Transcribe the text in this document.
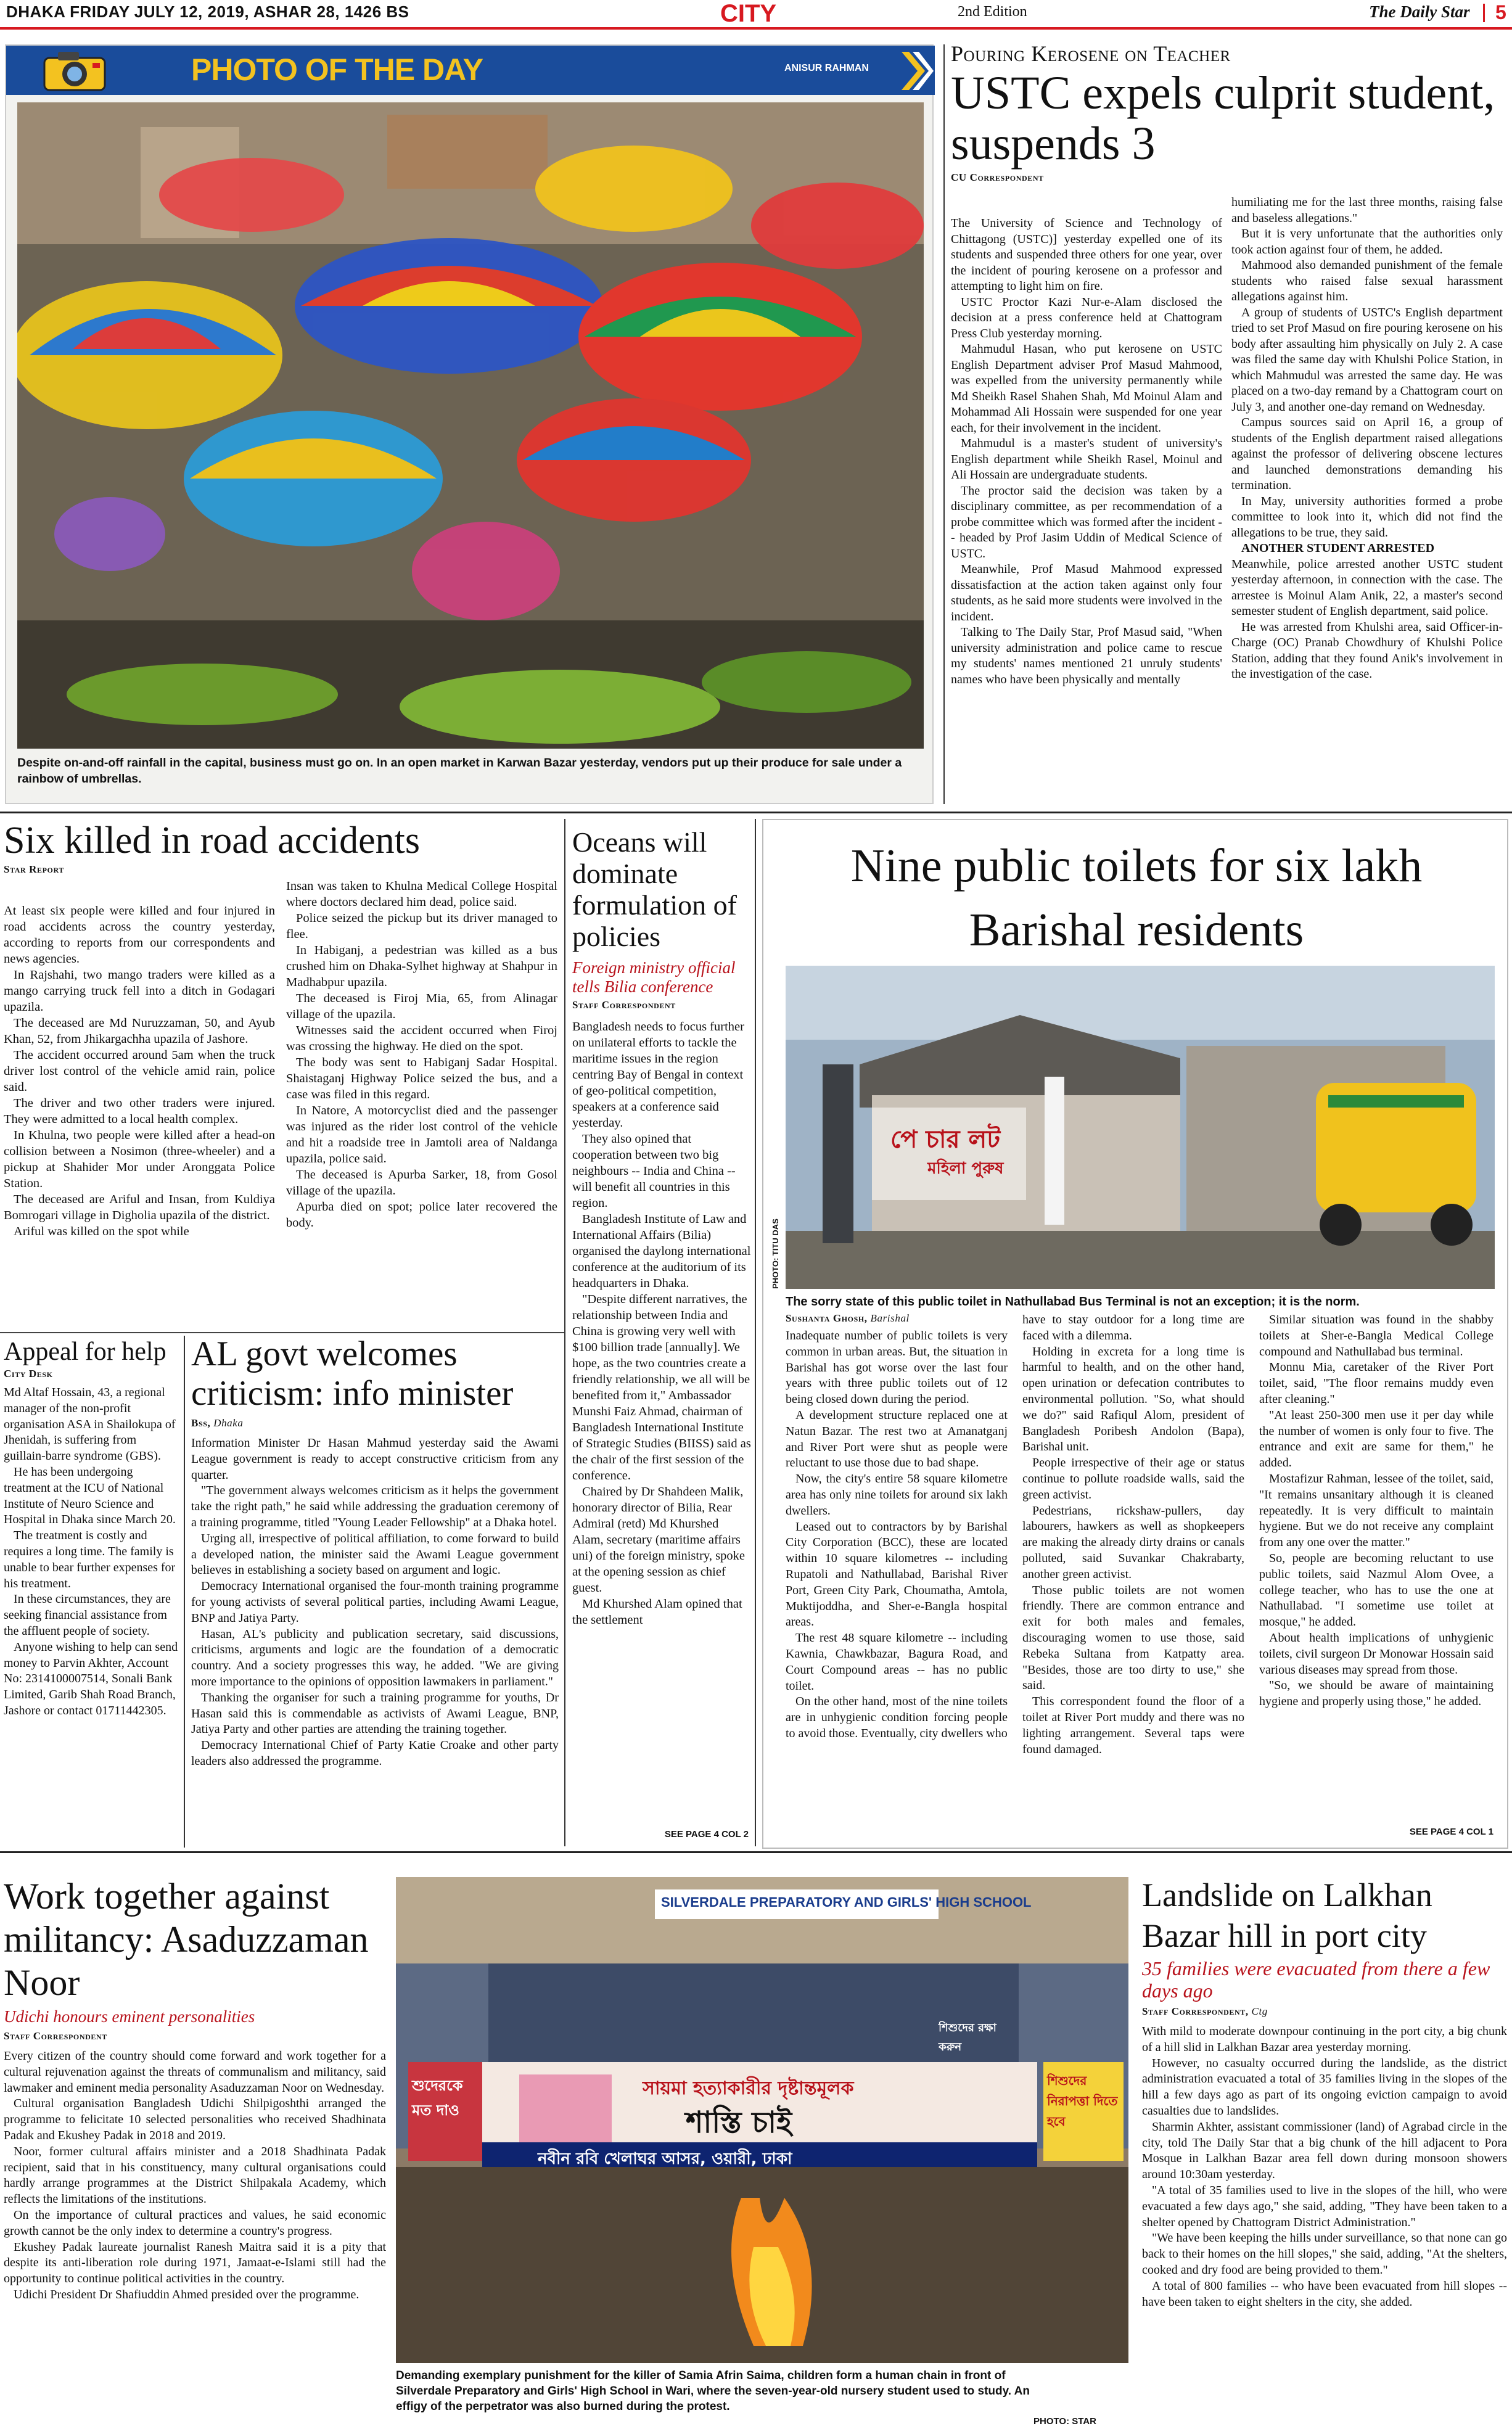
DHAKA FRIDAY JULY 12, 2019, ASHAR 28, 1426 BS	CITY	2nd Edition	The Daily Star 5
PHOTO OF THE DAY	ANISUR RAHMAN
Despite on-and-off rainfall in the capital, business must go on. In an open market in Karwan Bazar yesterday, vendors put up their produce for sale under a rainbow of umbrellas.
Pouring Kerosene on Teacher
USTC expels culprit student, suspends 3
CU Correspondent

The University of Science and Technology of Chittagong (USTC)] yesterday expelled one of its students and suspended three others for one year, over the incident of pouring kerosene on a professor and attempting to light him on fire.

USTC Proctor Kazi Nur-e-Alam disclosed the decision at a press conference held at Chattogram Press Club yesterday morning.

Mahmudul Hasan, who put kerosene on USTC English Department adviser Prof Masud Mahmood, was expelled from the university permanently while Md Sheikh Rasel Shahen Shah, Md Moinul Alam and Mohammad Ali Hossain were suspended for one year each, for their involvement in the incident.

Mahmudul is a master's student of university's English department while Sheikh Rasel, Moinul and Ali Hossain are undergraduate students.

The proctor said the decision was taken by a disciplinary committee, as per recommendation of a probe committee which was formed after the incident -- headed by Prof Jasim Uddin of Medical Science of USTC.

Meanwhile, Prof Masud Mahmood expressed dissatisfaction at the action taken against only four students, as he said more students were involved in the incident.

Talking to The Daily Star, Prof Masud said, "When university administration and police came to rescue my students' names mentioned 21 unruly students' names who have been physically and mentally

humiliating me for the last three months, raising false and baseless allegations."

But it is very unfortunate that the authorities only took action against four of them, he added.

Mahmood also demanded punishment of the female students who raised false sexual harassment allegations against him.

A group of students of USTC's English department tried to set Prof Masud on fire pouring kerosene on his body after assaulting him physically on July 2. A case was filed the same day with Khulshi Police Station, in which Mahmudul was arrested the same day. He was placed on a two-day remand by a Chattogram court on July 3, and another one-day remand on Wednesday.

Campus sources said on April 16, a group of students of the English department raised allegations against the professor of delivering obscene lectures and launched demonstrations demanding his termination.

In May, university authorities formed a probe committee to look into it, which did not find the allegations to be true, they said.

ANOTHER STUDENT ARRESTED

Meanwhile, police arrested another USTC student yesterday afternoon, in connection with the case. The arrestee is Moinul Alam Anik, 22, a master's second semester student of English department, said police.

He was arrested from Khulshi area, said Officer-in-Charge (OC) Pranab Chowdhury of Khulshi Police Station, adding that they found Anik's involvement in the investigation of the case.

Six killed in road accidents
Star Report

At least six people were killed and four injured in road accidents across the country yesterday, according to reports from our correspondents and news agencies.

In Rajshahi, two mango traders were killed as a mango carrying truck fell into a ditch in Godagari upazila.

The deceased are Md Nuruzzaman, 50, and Ayub Khan, 52, from Jhikargachha upazila of Jashore.

The accident occurred around 5am when the truck driver lost control of the vehicle amid rain, police said.

The driver and two other traders were injured. They were admitted to a local health complex.

In Khulna, two people were killed after a head-on collision between a Nosimon (three-wheeler) and a pickup at Shahider Mor under Aronggata Police Station.

The deceased are Ariful and Insan, from Kuldiya Bomrogari village in Digholia upazila of the district.

Ariful was killed on the spot while

Insan was taken to Khulna Medical College Hospital where doctors declared him dead, police said.

Police seized the pickup but its driver managed to flee.

In Habiganj, a pedestrian was killed as a bus crushed him on Dhaka-Sylhet highway at Shahpur in Madhabpur upazila.

The deceased is Firoj Mia, 65, from Alinagar village of the upazila.

Witnesses said the accident occurred when Firoj was crossing the highway. He died on the spot.

The body was sent to Habiganj Sadar Hospital. Shaistaganj Highway Police seized the bus, and a case was filed in this regard.

In Natore, A motorcyclist died and the passenger was injured as the rider lost control of the vehicle and hit a roadside tree in Jamtoli area of Naldanga upazila, police said.

The deceased is Apurba Sarker, 18, from Gosol village of the upazila.

Apurba died on spot; police later recovered the body.

Oceans will dominate formulation of policies
Foreign ministry official tells Bilia conference
Staff Correspondent

Bangladesh needs to focus further on unilateral efforts to tackle the maritime issues in the region centring Bay of Bengal in context of geo-political competition, speakers at a conference said yesterday.

They also opined that cooperation between two big neighbours -- India and China -- will benefit all countries in this region.

Bangladesh Institute of Law and International Affairs (Bilia) organised the daylong international conference at the auditorium of its headquarters in Dhaka.

"Despite different narratives, the relationship between India and China is growing very well with $100 billion trade [annually]. We hope, as the two countries create a friendly relationship, we all will be benefited from it," Ambassador Munshi Faiz Ahmad, chairman of Bangladesh International Institute of Strategic Studies (BIISS) said as the chair of the first session of the conference.

Chaired by Dr Shahdeen Malik, honorary director of Bilia, Rear Admiral (retd) Md Khurshed Alam, secretary (maritime affairs uni) of the foreign ministry, spoke at the opening session as chief guest.

Md Khurshed Alam opined that the settlement

SEE PAGE 4 COL 2
Nine public toilets for six lakh Barishal residents
পে চার লট
মহিলা পুরুষ
PHOTO: TITU DAS
The sorry state of this public toilet in Nathullabad Bus Terminal is not an exception; it is the norm.
Sushanta Ghosh, Barishal

Inadequate number of public toilets is very common in urban areas. But, the situation in Barishal has got worse over the last four years with three public toilets out of 12 being closed down during the period.

A development structure replaced one at Natun Bazar. The rest two at Amanatganj and River Port were shut as people were reluctant to use those due to bad shape.

Now, the city's entire 58 square kilometre area has only nine toilets for around six lakh dwellers.

Leased out to contractors by by Barishal City Corporation (BCC), these are located within 10 square kilometres -- including Rupatoli and Nathullabad, Barishal River Port, Green City Park, Choumatha, Amtola, Muktijoddha, and Sher-e-Bangla hospital areas.

The rest 48 square kilometre -- including Kawnia, Chawkbazar, Bagura Road, and Court Compound areas -- has no public toilet.

On the other hand, most of the nine toilets are in unhygienic condition forcing people to avoid those. Eventually, city dwellers who

have to stay outdoor for a long time are faced with a dilemma.

Holding in excreta for a long time is harmful to health, and on the other hand, open urination or defecation contributes to environmental pollution. "So, what should we do?" said Rafiqul Alom, president of Bangladesh Poribesh Andolon (Bapa), Barishal unit.

People irrespective of their age or status continue to pollute roadside walls, said the green activist.

Pedestrians, rickshaw-pullers, day labourers, hawkers as well as shopkeepers are making the already dirty drains or canals polluted, said Suvankar Chakrabarty, another green activist.

Those public toilets are not women friendly. There are common entrance and exit for both males and females, discouraging women to use those, said Rebeka Sultana from Katpatty area. "Besides, those are too dirty to use," she said.

This correspondent found the floor of a toilet at River Port muddy and there was no lighting arrangement. Several taps were found damaged.

Similar situation was found in the shabby toilets at Sher-e-Bangla Medical College compound and Nathullabad bus terminal.

Monnu Mia, caretaker of the River Port toilet, said, "The floor remains muddy even after cleaning."

"At least 250-300 men use it per day while the number of women is only four to five. The entrance and exit are same for them," he added.

Mostafizur Rahman, lessee of the toilet, said, "It remains unsanitary although it is cleaned repeatedly. It is very difficult to maintain hygiene. But we do not receive any complaint from any one over the matter."

So, people are becoming reluctant to use public toilets, said Nazmul Alom Ovee, a college teacher, who has to use the one at Nathullabad. "I sometime use toilet at mosque," he added.

About health implications of unhygienic toilets, civil surgeon Dr Monowar Hossain said various diseases may spread from those.

"So, we should be aware of maintaining hygiene and properly using those," he added.

SEE PAGE 4 COL 1
Appeal for help
City Desk

Md Altaf Hossain, 43, a regional manager of the non-profit organisation ASA in Shailokupa of Jhenidah, is suffering from guillain-barre syndrome (GBS).

He has been undergoing treatment at the ICU of National Institute of Neuro Science and Hospital in Dhaka since March 20.

The treatment is costly and requires a long time. The family is unable to bear further expenses for his treatment.

In these circumstances, they are seeking financial assistance from the affluent people of society.

Anyone wishing to help can send money to Parvin Akhter, Account No: 2314100007514, Sonali Bank Limited, Garib Shah Road Branch, Jashore or contact 01711442305.

AL govt welcomes criticism: info minister
Bss, Dhaka

Information Minister Dr Hasan Mahmud yesterday said the Awami League government is ready to accept constructive criticism from any quarter.

"The government always welcomes criticism as it helps the government take the right path," he said while addressing the graduation ceremony of a training programme, titled "Young Leader Fellowship" at a Dhaka hotel.

Urging all, irrespective of political affiliation, to come forward to build a developed nation, the minister said the Awami League government believes in establishing a society based on argument and logic.

Democracy International organised the four-month training programme for young activists of several political parties, including Awami League, BNP and Jatiya Party.

Hasan, AL's publicity and publication secretary, said discussions, criticisms, arguments and logic are the foundation of a democratic country. And a society progresses this way, he added. "We are giving more importance to the opinions of opposition lawmakers in parliament."

Thanking the organiser for such a training programme for youths, Dr Hasan said this is commendable as activists of Awami League, BNP, Jatiya Party and other parties are attending the training together.

Democracy International Chief of Party Katie Croake and other party leaders also addressed the programme.

Work together against militancy: Asaduzzaman Noor
Udichi honours eminent personalities
Staff Correspondent

Every citizen of the country should come forward and work together for a cultural rejuvenation against the threats of communalism and militancy, said lawmaker and eminent media personality Asaduzzaman Noor on Wednesday.

Cultural organisation Bangladesh Udichi Shilpigoshthi arranged the programme to felicitate 10 selected personalities who received Shadhinata Padak and Ekushey Padak in 2018 and 2019.

Noor, former cultural affairs minister and a 2018 Shadhinata Padak recipient, said that in his constituency, many cultural organisations could hardly arrange programmes at the District Shilpakala Academy, which reflects the limitations of the institutions.

On the importance of cultural practices and values, he said economic growth cannot be the only index to determine a country's progress.

Ekushey Padak laureate journalist Ranesh Maitra said it is a pity that despite its anti-liberation role during 1971, Jamaat-e-Islami still had the opportunity to continue political activities in the country.

Udichi President Dr Shafiuddin Ahmed presided over the programme.

SILVERDALE PREPARATORY AND GIRLS' HIGH SCHOOL
সায়মা হত্যাকারীর দৃষ্টান্তমূলক
শাস্তি চাই
নবীন রবি খেলাঘর আসর, ওয়ারী, ঢাকা
শুদেরকে মত দাও
শিশুদের নিরাপত্তা দিতে হবে
শিশুদের রক্ষা করুন
Demanding exemplary punishment for the killer of Samia Afrin Saima, children form a human chain in front of Silverdale Preparatory and Girls' High School in Wari, where the seven-year-old nursery student used to study. An effigy of the perpetrator was also burned during the protest.
PHOTO: STAR
Landslide on Lalkhan Bazar hill in port city
35 families were evacuated from there a few days ago
Staff Correspondent, Ctg

With mild to moderate downpour continuing in the port city, a big chunk of a hill slid in Lalkhan Bazar area yesterday morning.

However, no casualty occurred during the landslide, as the district administration evacuated a total of 35 families living in the slopes of the hill a few days ago as part of its ongoing eviction campaign to avoid casualties due to landslides.

Sharmin Akhter, assistant commissioner (land) of Agrabad circle in the city, told The Daily Star that a big chunk of the hill adjacent to Pora Mosque in Lalkhan Bazar area fell down during monsoon showers around 10:30am yesterday.

"A total of 35 families used to live in the slopes of the hill, who were evacuated a few days ago," she said, adding, "They have been taken to a shelter opened by Chattogram District Administration."

"We have been keeping the hills under surveillance, so that none can go back to their homes on the hill slopes," she said, adding, "At the shelters, cooked and dry food are being provided to them."

A total of 800 families -- who have been evacuated from hill slopes -- have been taken to eight shelters in the city, she added.
